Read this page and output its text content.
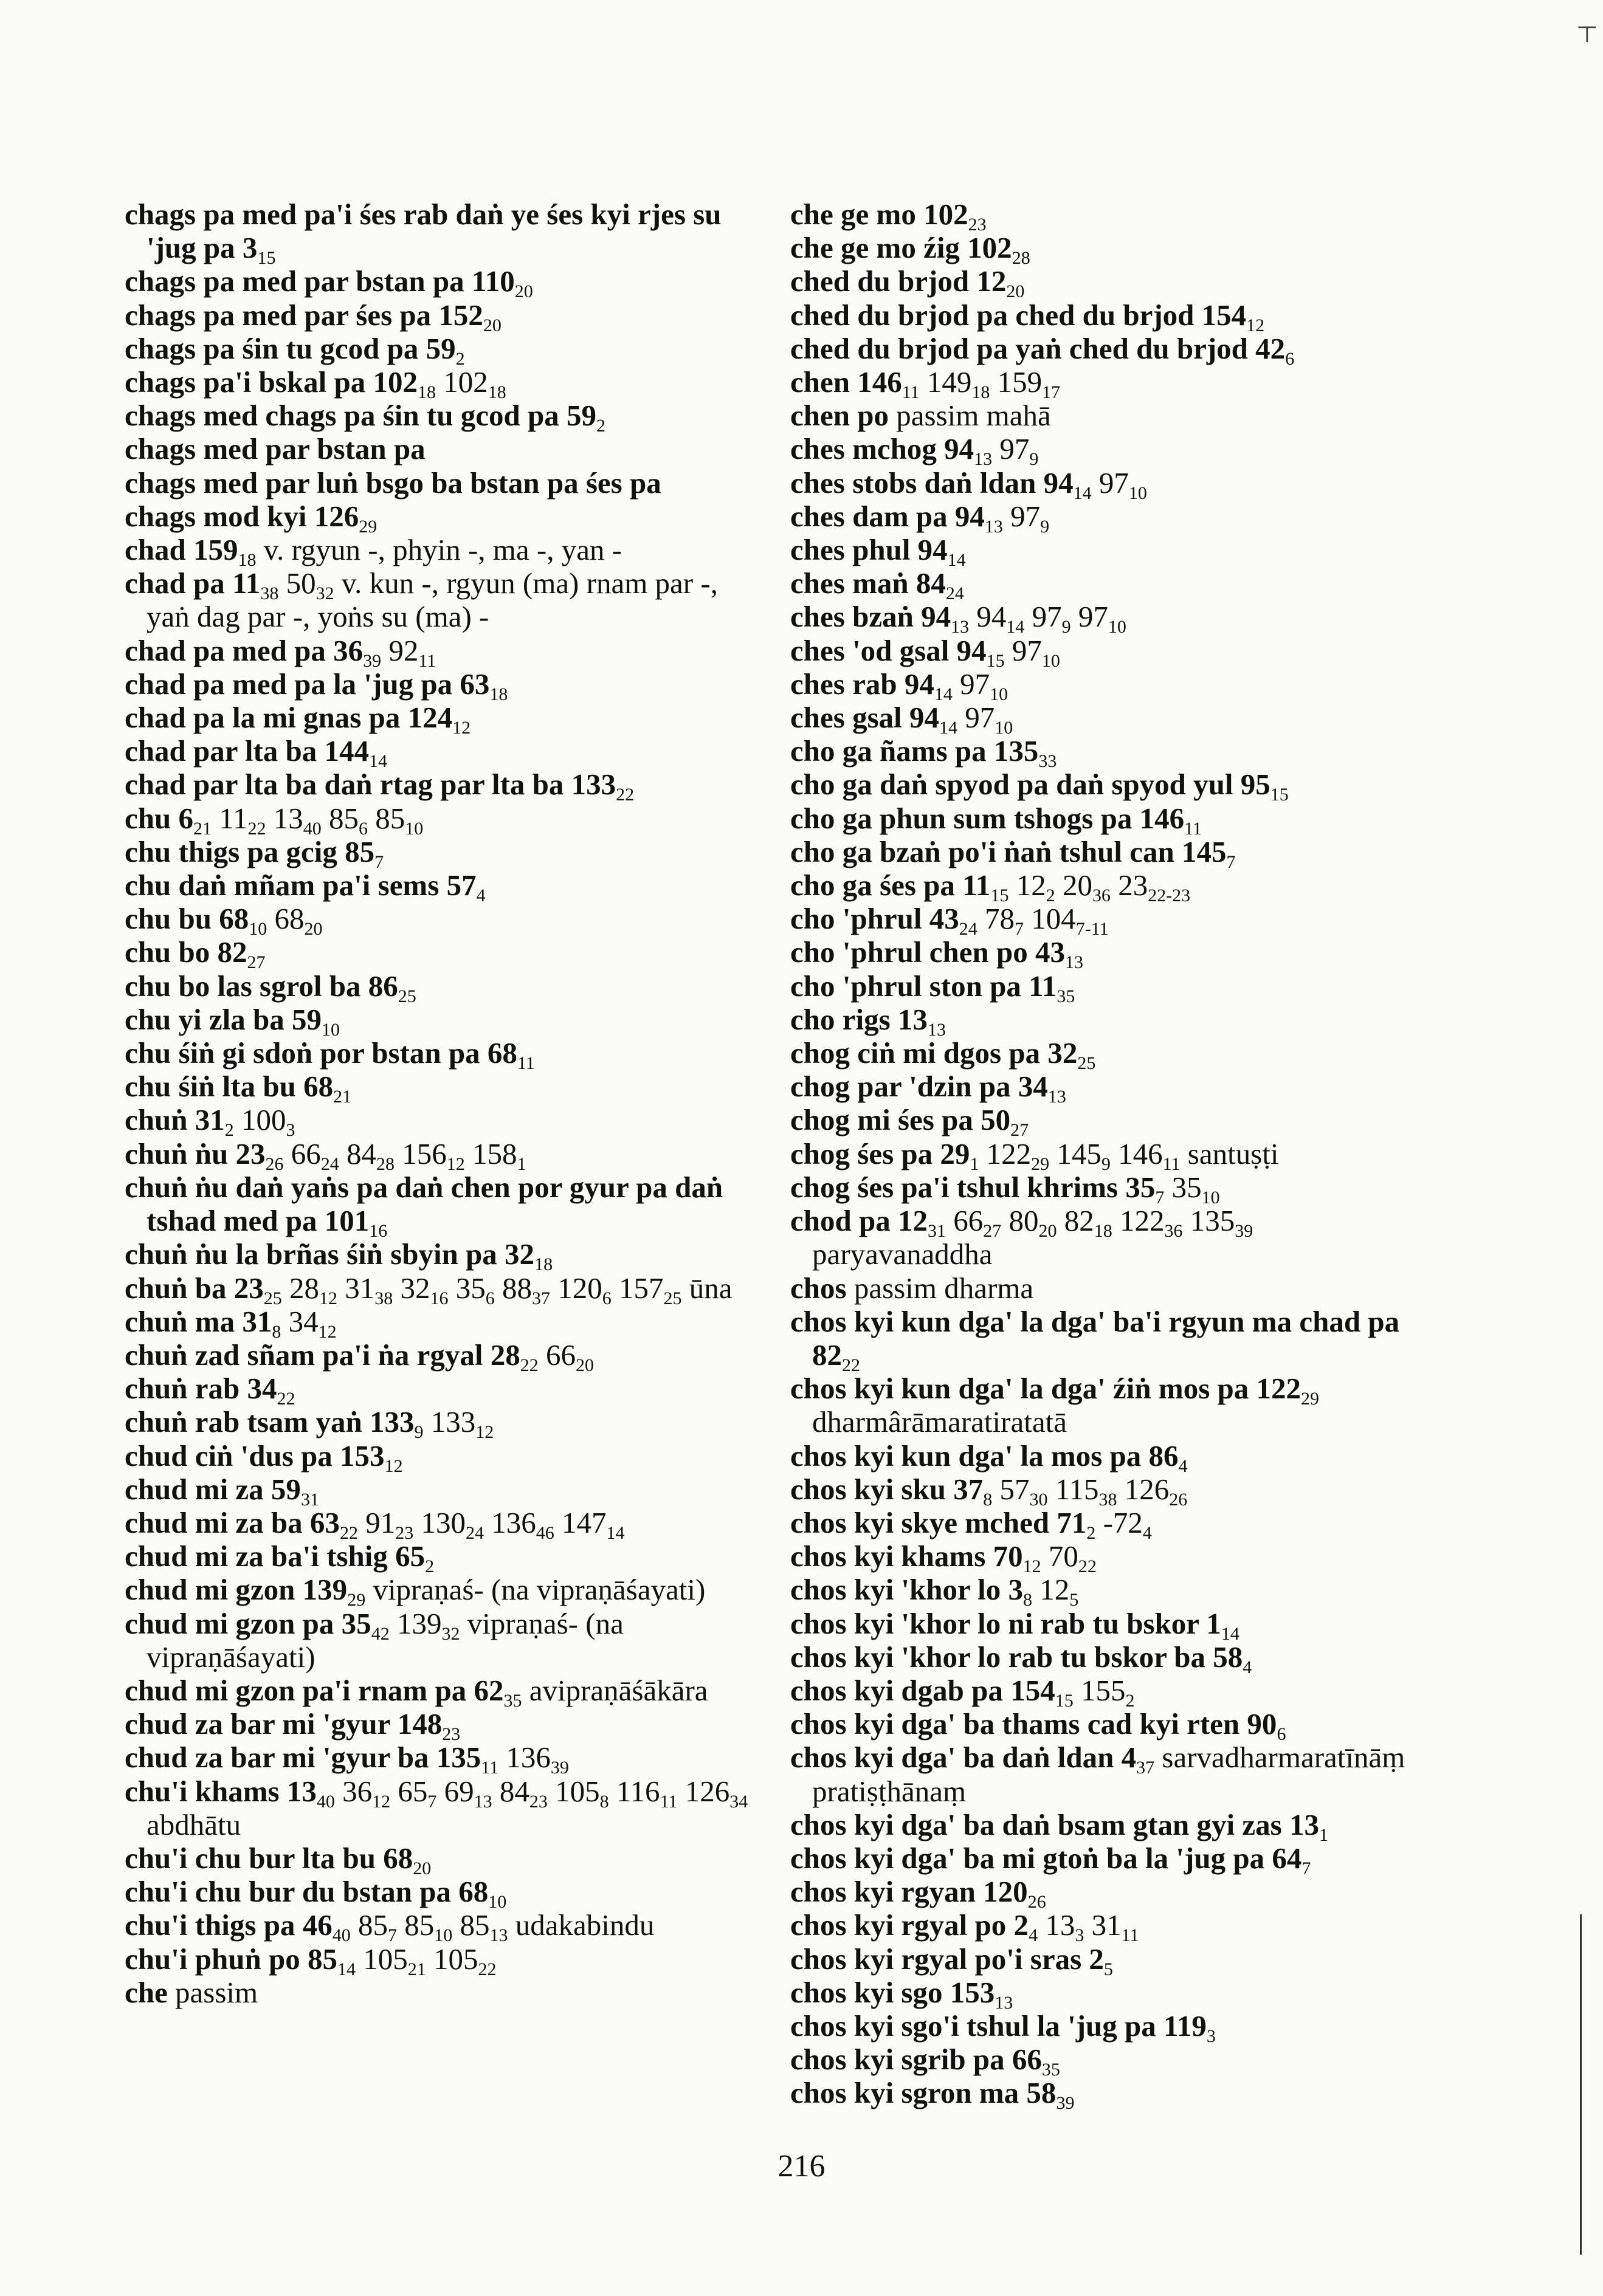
┬
chags pa med pa'i śes rab daṅ ye śes kyi rjes su 'jug pa $3_{15}$
chags pa med par bstan pa $110_{20}$
chags pa med par śes pa $152_{20}$
chags pa śin tu gcod pa $59_2$
chags pa'i bskal pa $102_{18}$ $102_{18}$
chags med chags pa śin tu gcod pa $59_2$
chags med par bstan pa
chags med par luṅ bsgo ba bstan pa śes pa
chags mod kyi $126_{29}$
chad $159_{18}$ v. rgyun -, phyin -, ma -, yan -
chad pa $11_{38}$ $50_{32}$ v. kun -, rgyun (ma) rnam par -, yaṅ dag par -, yoṅs su (ma) -
chad pa med pa $36_{39}$ $92_{11}$
chad pa med pa la 'jug pa $63_{18}$
chad pa la mi gnas pa $124_{12}$
chad par lta ba $144_{14}$
chad par lta ba daṅ rtag par lta ba $133_{22}$
chu $6_{21}$ $11_{22}$ $13_{40}$ $85_6$ $85_{10}$
chu thigs pa gcig $85_7$
chu daṅ mñam pa'i sems $57_4$
chu bu $68_{10}$ $68_{20}$
chu bo $82_{27}$
chu bo las sgrol ba $86_{25}$
chu yi zla ba $59_{10}$
chu śiṅ gi sdoṅ por bstan pa $68_{11}$
chu śiṅ lta bu $68_{21}$
chuṅ $31_2$ $100_3$
chuṅ ṅu $23_{26}$ $66_{24}$ $84_{28}$ $156_{12}$ $158_1$
chuṅ ṅu daṅ yaṅs pa daṅ chen por gyur pa daṅ tshad med pa $101_{16}$
chuṅ ṅu la brñas śiṅ sbyin pa $32_{18}$
chuṅ ba $23_{25}$ $28_{12}$ $31_{38}$ $32_{16}$ $35_6$ $88_{37}$ $120_6$ $157_{25}$ ūna
chuṅ ma $31_8$ $34_{12}$
chuṅ zad sñam pa'i ṅa rgyal $28_{22}$ $66_{20}$
chuṅ rab $34_{22}$
chuṅ rab tsam yaṅ $133_9$ $133_{12}$
chud ciṅ 'dus pa $153_{12}$
chud mi za $59_{31}$
chud mi za ba $63_{22}$ $91_{23}$ $130_{24}$ $136_{46}$ $147_{14}$
chud mi za ba'i tshig $65_2$
chud mi gzon $139_{29}$ vipraṇaś- (na vipraṇāśayati)
chud mi gzon pa $35_{42}$ $139_{32}$ vipraṇaś- (na vipraṇāśayati)
chud mi gzon pa'i rnam pa $62_{35}$ avipraṇāśākāra
chud za bar mi 'gyur $148_{23}$
chud za bar mi 'gyur ba $135_{11}$ $136_{39}$
chu'i khams $13_{40}$ $36_{12}$ $65_7$ $69_{13}$ $84_{23}$ $105_8$ $116_{11}$ $126_{34}$ abdhātu
chu'i chu bur lta bu $68_{20}$
chu'i chu bur du bstan pa $68_{10}$
chu'i thigs pa $46_{40}$ $85_7$ $85_{10}$ $85_{13}$ udakabindu
chu'i phuṅ po $85_{14}$ $105_{21}$ $105_{22}$
che passim
che ge mo $102_{23}$
che ge mo źig $102_{28}$
ched du brjod $12_{20}$
ched du brjod pa ched du brjod $154_{12}$
ched du brjod pa yaṅ ched du brjod $42_6$
chen $146_{11}$ $149_{18}$ $159_{17}$
chen po passim mahā
ches mchog $94_{13}$ $97_9$
ches stobs daṅ ldan $94_{14}$ $97_{10}$
ches dam pa $94_{13}$ $97_9$
ches phul $94_{14}$
ches maṅ $84_{24}$
ches bzaṅ $94_{13}$ $94_{14}$ $97_9$ $97_{10}$
ches 'od gsal $94_{15}$ $97_{10}$
ches rab $94_{14}$ $97_{10}$
ches gsal $94_{14}$ $97_{10}$
cho ga ñams pa $135_{33}$
cho ga daṅ spyod pa daṅ spyod yul $95_{15}$
cho ga phun sum tshogs pa $146_{11}$
cho ga bzaṅ po'i ṅaṅ tshul can $145_7$
cho ga śes pa $11_{15}$ $12_2$ $20_{36}$ $23_{22-23}$
cho 'phrul $43_{24}$ $78_7$ $104_{7-11}$
cho 'phrul chen po $43_{13}$
cho 'phrul ston pa $11_{35}$
cho rigs $13_{13}$
chog ciṅ mi dgos pa $32_{25}$
chog par 'dzin pa $34_{13}$
chog mi śes pa $50_{27}$
chog śes pa $29_1$ $122_{29}$ $145_9$ $146_{11}$ santuṣṭi
chog śes pa'i tshul khrims $35_7$ $35_{10}$
chod pa $12_{31}$ $66_{27}$ $80_{20}$ $82_{18}$ $122_{36}$ $135_{39}$ paryavanaddha
chos passim dharma
chos kyi kun dga' la dga' ba'i rgyun ma chad pa $82_{22}$
chos kyi kun dga' la dga' źiṅ mos pa $122_{29}$ dharmârāmaratiratatā
chos kyi kun dga' la mos pa $86_4$
chos kyi sku $37_8$ $57_{30}$ $115_{38}$ $126_{26}$
chos kyi skye mched $71_2$ $-72_4$
chos kyi khams $70_{12}$ $70_{22}$
chos kyi 'khor lo $3_8$ $12_5$
chos kyi 'khor lo ni rab tu bskor $1_{14}$
chos kyi 'khor lo rab tu bskor ba $58_4$
chos kyi dgab pa $154_{15}$ $155_2$
chos kyi dga' ba thams cad kyi rten $90_6$
chos kyi dga' ba daṅ ldan $4_{37}$ sarvadharmaratīnāṃ pratiṣṭhānaṃ
chos kyi dga' ba daṅ bsam gtan gyi zas $13_1$
chos kyi dga' ba mi gtoṅ ba la 'jug pa $64_7$
chos kyi rgyan $120_{26}$
chos kyi rgyal po $2_4$ $13_3$ $31_{11}$
chos kyi rgyal po'i sras $2_5$
chos kyi sgo $153_{13}$
chos kyi sgo'i tshul la 'jug pa $119_3$
chos kyi sgrib pa $66_{35}$
chos kyi sgron ma $58_{39}$
216
